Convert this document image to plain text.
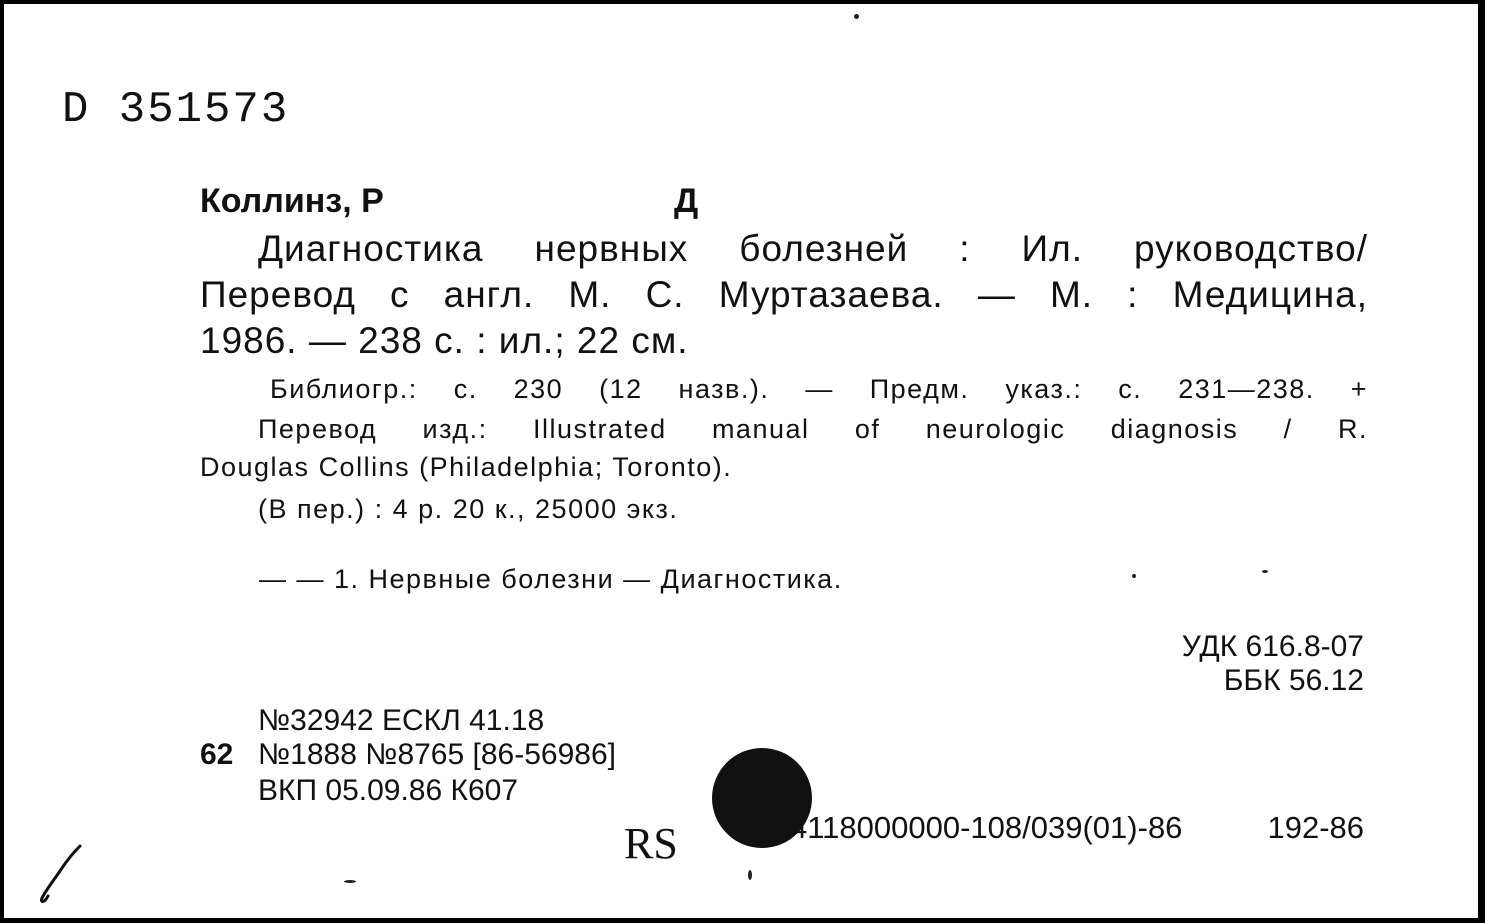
D 351573
Коллинз, Р	Д
Диагностика нервных болезней : Ил. руководство/
Перевод с англ. М. С. Муртазаева. — М. : Медицина,
1986. — 238 с. : ил.; 22 см.
Библиогр.: с. 230 (12 назв.). — Предм. указ.: с. 231—238. +
Перевод изд.: Illustrated manual of neurologic diagnosis / R.
Douglas Collins (Philadelphia; Toronto).
(В пер.) : 4 р. 20 к., 25000 экз.
— — 1. Нервные болезни — Диагностика.
УДК 616.8-07
ББК 56.12
№32942 ЕСКЛ 41.18
62 №1888 №8765 [86-56986]
ВКП 05.09.86 К607
RS	4118000000-108/039(01)-86	192-86
